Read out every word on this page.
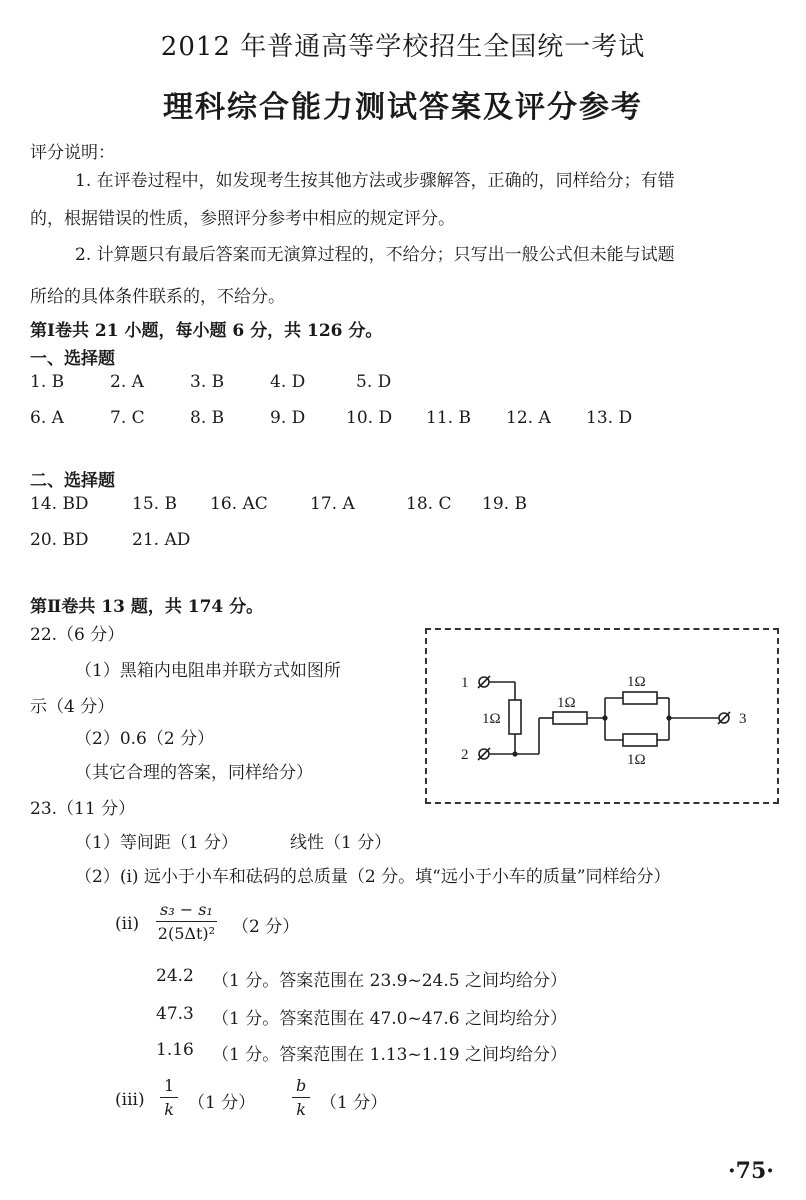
2012 年普通高等学校招生全国统一考试
理科综合能力测试答案及评分参考
评分说明：
1. 在评卷过程中，如发现考生按其他方法或步骤解答，正确的，同样给分；有错
的，根据错误的性质，参照评分参考中相应的规定评分。
2. 计算题只有最后答案而无演算过程的，不给分；只写出一般公式但未能与试题
所给的具体条件联系的，不给分。
第Ⅰ卷共 21 小题，每小题 6 分，共 126 分。
一、选择题
1. B	2. A	3. B	4. D	5. D
6. A	7. C	8. B	9. D 10. D 11. B 12. A 13. D
二、选择题
14. BD	15. B 16. AC 17. A	18. C 19. B
20. BD	21. AD
第Ⅱ卷共 13 题，共 174 分。
22.（6 分）
（1）黑箱内电阻串并联方式如图所
示（4 分）
（2）0.6（2 分）
（其它合理的答案，同样给分）
1
2
3
1Ω
1Ω
1Ω
1Ω
23.（11 分）
（1）等间距（1 分）	线性（1 分）
（2）(i) 远小于小车和砝码的总质量（2 分。填“远小于小车的质量”同样给分）
$(ii) \frac{\text{s₃ − s₁}}{\text{2(5Δt)²}} (2$ 分）
24.2 （1 分。答案范围在 23.9~24.5 之间均给分）
47.3 （1 分。答案范围在 47.0~47.6 之间均给分）
1.16 （1 分。答案范围在 1.13~1.19 之间均给分）
$(iii) \frac{1}{k} (1$ 分） $\frac{b}{k} (1$ 分）
·75·
